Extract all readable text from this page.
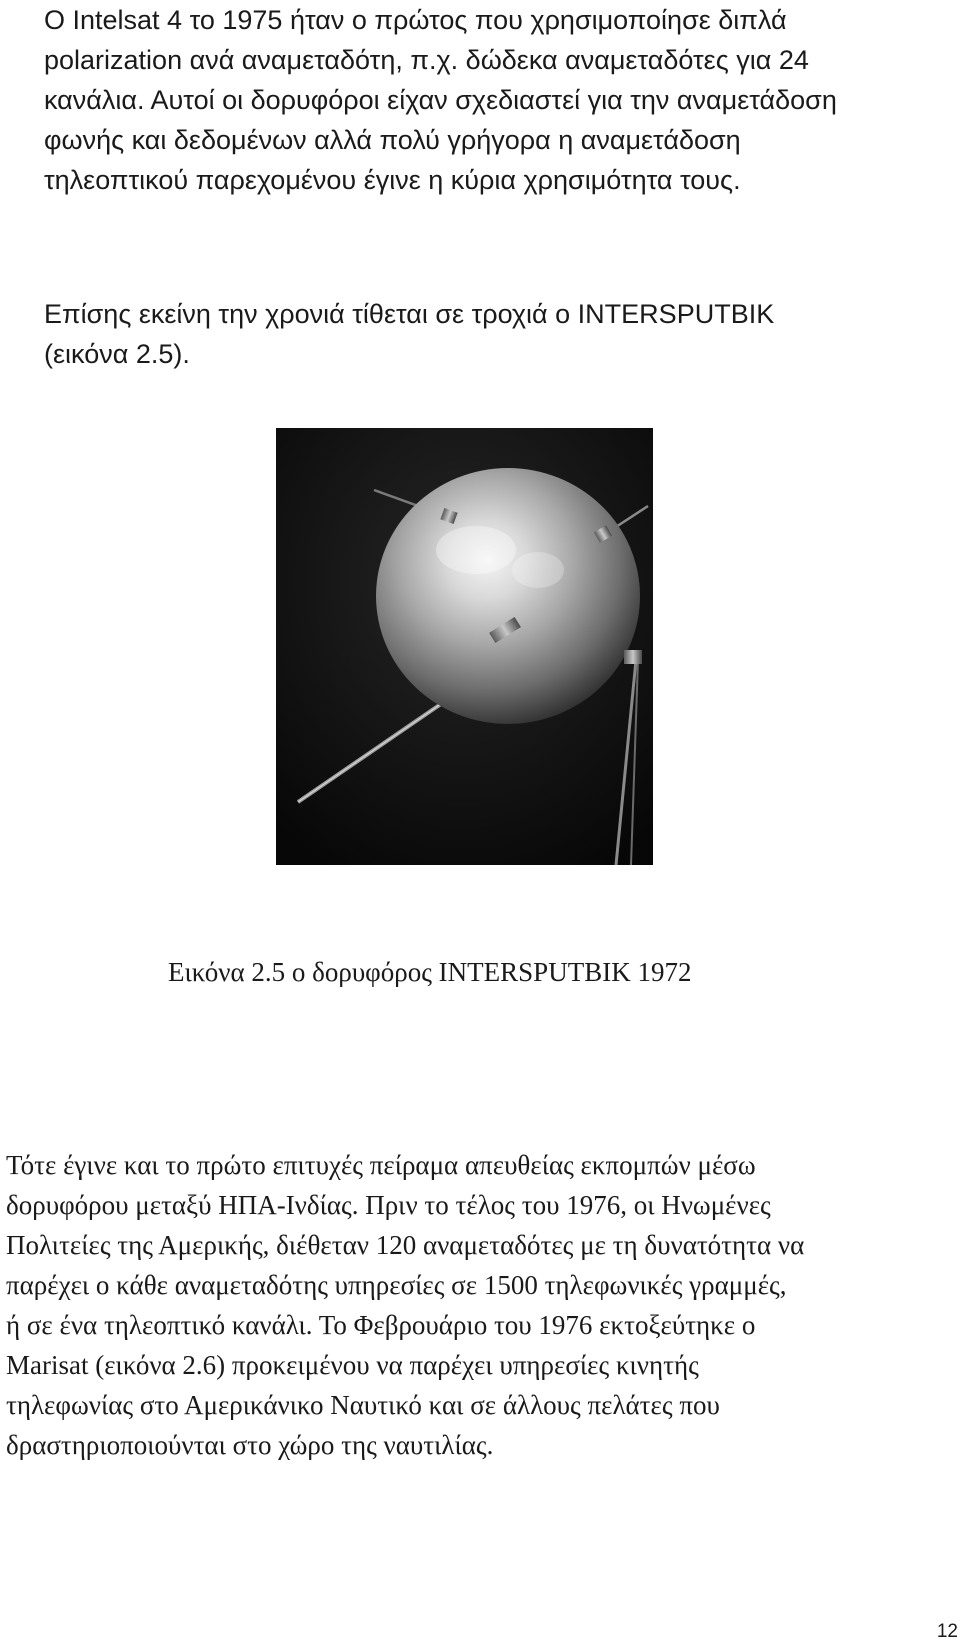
Ο Intelsat 4 το 1975 ήταν ο πρώτος που χρησιμοποίησε διπλά
polarization ανά αναμεταδότη, π.χ. δώδεκα αναμεταδότες για 24
κανάλια. Αυτοί οι δορυφόροι είχαν σχεδιαστεί για την αναμετάδοση
φωνής και δεδομένων αλλά πολύ γρήγορα η αναμετάδοση
τηλεοπτικού παρεχομένου έγινε η κύρια χρησιμότητα τους.
Επίσης εκείνη την χρονιά τίθεται σε τροχιά ο INTERSPUTBIK
(εικόνα 2.5).

Εικόνα 2.5 ο δορυφόρος INTERSPUTBIK 1972

Τότε έγινε και το πρώτο επιτυχές πείραμα απευθείας εκπομπών μέσω
δορυφόρου μεταξύ ΗΠΑ-Ινδίας. Πριν το τέλος του 1976, οι Ηνωμένες
Πολιτείες της Αμερικής, διέθεταν 120 αναμεταδότες με τη δυνατότητα να
παρέχει ο κάθε αναμεταδότης υπηρεσίες σε 1500 τηλεφωνικές γραμμές,
ή σε ένα τηλεοπτικό κανάλι. Το Φεβρουάριο του 1976 εκτοξεύτηκε ο
Marisat (εικόνα 2.6) προκειμένου να παρέχει υπηρεσίες κινητής
τηλεφωνίας στο Αμερικάνικο Ναυτικό και σε άλλους πελάτες που
δραστηριοποιούνται στο χώρο της ναυτιλίας.
12
